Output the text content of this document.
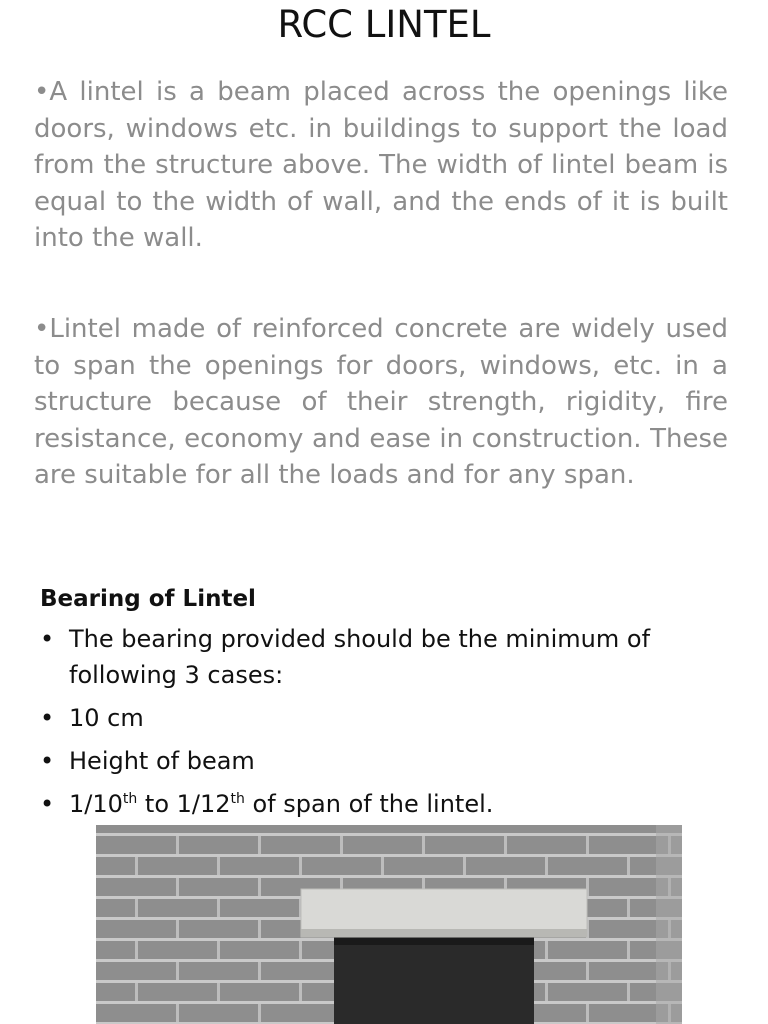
RCC LINTEL

•A lintel is a beam placed across the openings like doors, windows etc. in buildings to support the load from the structure above. The width of lintel beam is equal to the width of wall, and the ends of it is built into the wall.

•Lintel made of reinforced concrete are widely used to span the openings for doors, windows, etc. in a structure because of their strength, rigidity, fire resistance, economy and ease in construction. These are suitable for all the loads and for any span.

Bearing of Lintel
• The bearing provided should be the minimum of following 3 cases:
• 10 cm
• Height of beam
• 1/10th to 1/12th of span of the lintel.
